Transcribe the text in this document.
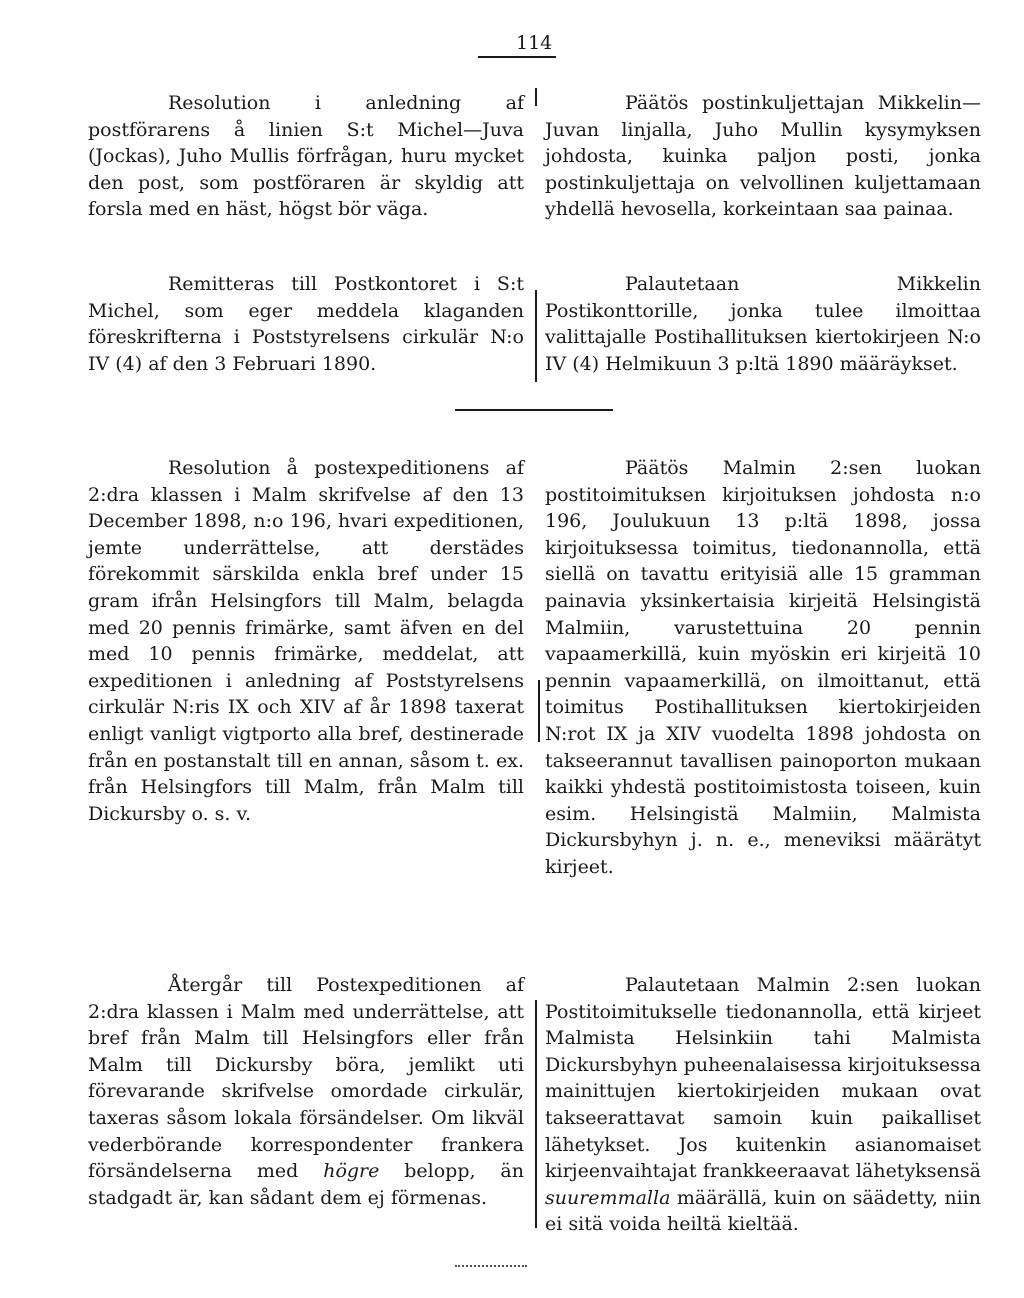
114

Resolution i anledning af postförarens å linien S:t Michel—Juva (Jockas), Juho Mullis förfrågan, huru mycket den post, som postföraren är skyldig att forsla med en häst, högst bör väga.

Päätös postinkuljettajan Mikkelin—Juvan linjalla, Juho Mullin kysymyksen johdosta, kuinka paljon posti, jonka postinkuljettaja on velvollinen kuljettamaan yhdellä hevosella, korkeintaan saa painaa.

Remitteras till Postkontoret i S:t Michel, som eger meddela klaganden föreskrifterna i Poststyrelsens cirkulär N:o IV (4) af den 3 Februari 1890.

Palautetaan Mikkelin Postikonttorille, jonka tulee ilmoittaa valittajalle Postihallituksen kiertokirjeen N:o IV (4) Helmikuun 3 p:ltä 1890 määräykset.

Resolution å postexpeditionens af 2:dra klassen i Malm skrifvelse af den 13 December 1898, n:o 196, hvari expeditionen, jemte underrättelse, att derstädes förekommit särskilda enkla bref under 15 gram ifrån Helsingfors till Malm, belagda med 20 pennis frimärke, samt äfven en del med 10 pennis frimärke, meddelat, att expeditionen i anledning af Poststyrelsens cirkulär N:ris IX och XIV af år 1898 taxerat enligt vanligt vigtporto alla bref, destinerade från en postanstalt till en annan, såsom t. ex. från Helsingfors till Malm, från Malm till Dickursby o. s. v.

Päätös Malmin 2:sen luokan postitoimituksen kirjoituksen johdosta n:o 196, Joulukuun 13 p:ltä 1898, jossa kirjoituksessa toimitus, tiedonannolla, että siellä on tavattu erityisiä alle 15 gramman painavia yksinkertaisia kirjeitä Helsingistä Malmiin, varustettuina 20 pennin vapaamerkillä, kuin myöskin eri kirjeitä 10 pennin vapaamerkillä, on ilmoittanut, että toimitus Postihallituksen kiertokirjeiden N:rot IX ja XIV vuodelta 1898 johdosta on takseerannut tavallisen painoporton mukaan kaikki yhdestä postitoimistosta toiseen, kuin esim. Helsingistä Malmiin, Malmista Dickursbyhyn j. n. e., meneviksi määrätyt kirjeet.

Återgår till Postexpeditionen af 2:dra klassen i Malm med underrättelse, att bref från Malm till Helsingfors eller från Malm till Dickursby böra, jemlikt uti förevarande skrifvelse omordade cirkulär, taxeras såsom lokala försändelser. Om likväl vederbörande korrespondenter frankera försändelserna med högre belopp, än stadgadt är, kan sådant dem ej förmenas.

Palautetaan Malmin 2:sen luokan Postitoimitukselle tiedonannolla, että kirjeet Malmista Helsinkiin tahi Malmista Dickursbyhyn puheenalaisessa kirjoituksessa mainittujen kiertokirjeiden mukaan ovat takseerattavat samoin kuin paikalliset lähetykset. Jos kuitenkin asianomaiset kirjeenvaihtajat frankkeeraavat lähetyksensä suuremmalla määrällä, kuin on säädetty, niin ei sitä voida heiltä kieltää.
